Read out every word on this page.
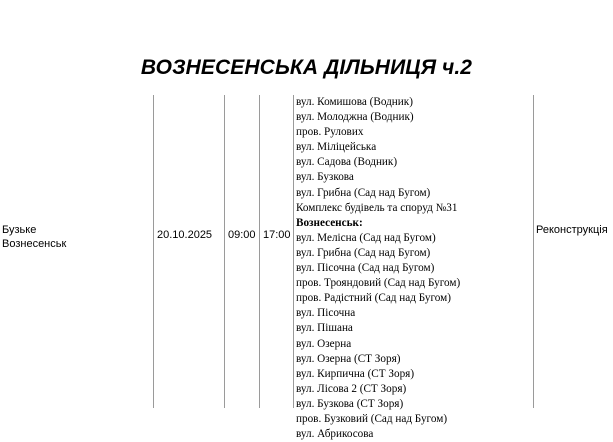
ВОЗНЕСЕНСЬКА ДІЛЬНИЦЯ ч.2
Бузьке
Вознесенськ
20.10.2025 09:00 17:00	Реконструкція
вул. Комишова (Водник)
вул. Молоджна (Водник)
пров. Рулових
вул. Міліцейська
вул. Садова (Водник)
вул. Бузкова
вул. Грибна (Сад над Бугом)
Комплекс будівель та споруд №31
Вознесенськ:
вул. Мелісна (Сад над Бугом)
вул. Грибна (Сад над Бугом)
вул. Пісочна (Сад над Бугом)
пров. Трояндовий (Сад над Бугом)
пров. Радістний (Сад над Бугом)
вул. Пісочна
вул. Пішана
вул. Озерна
вул. Озерна (СТ Зоря)
вул. Кирпична (СТ Зоря)
вул. Лісова 2 (СТ Зоря)
вул. Бузкова (СТ Зоря)
пров. Бузковий (Сад над Бугом)
вул. Абрикосова
